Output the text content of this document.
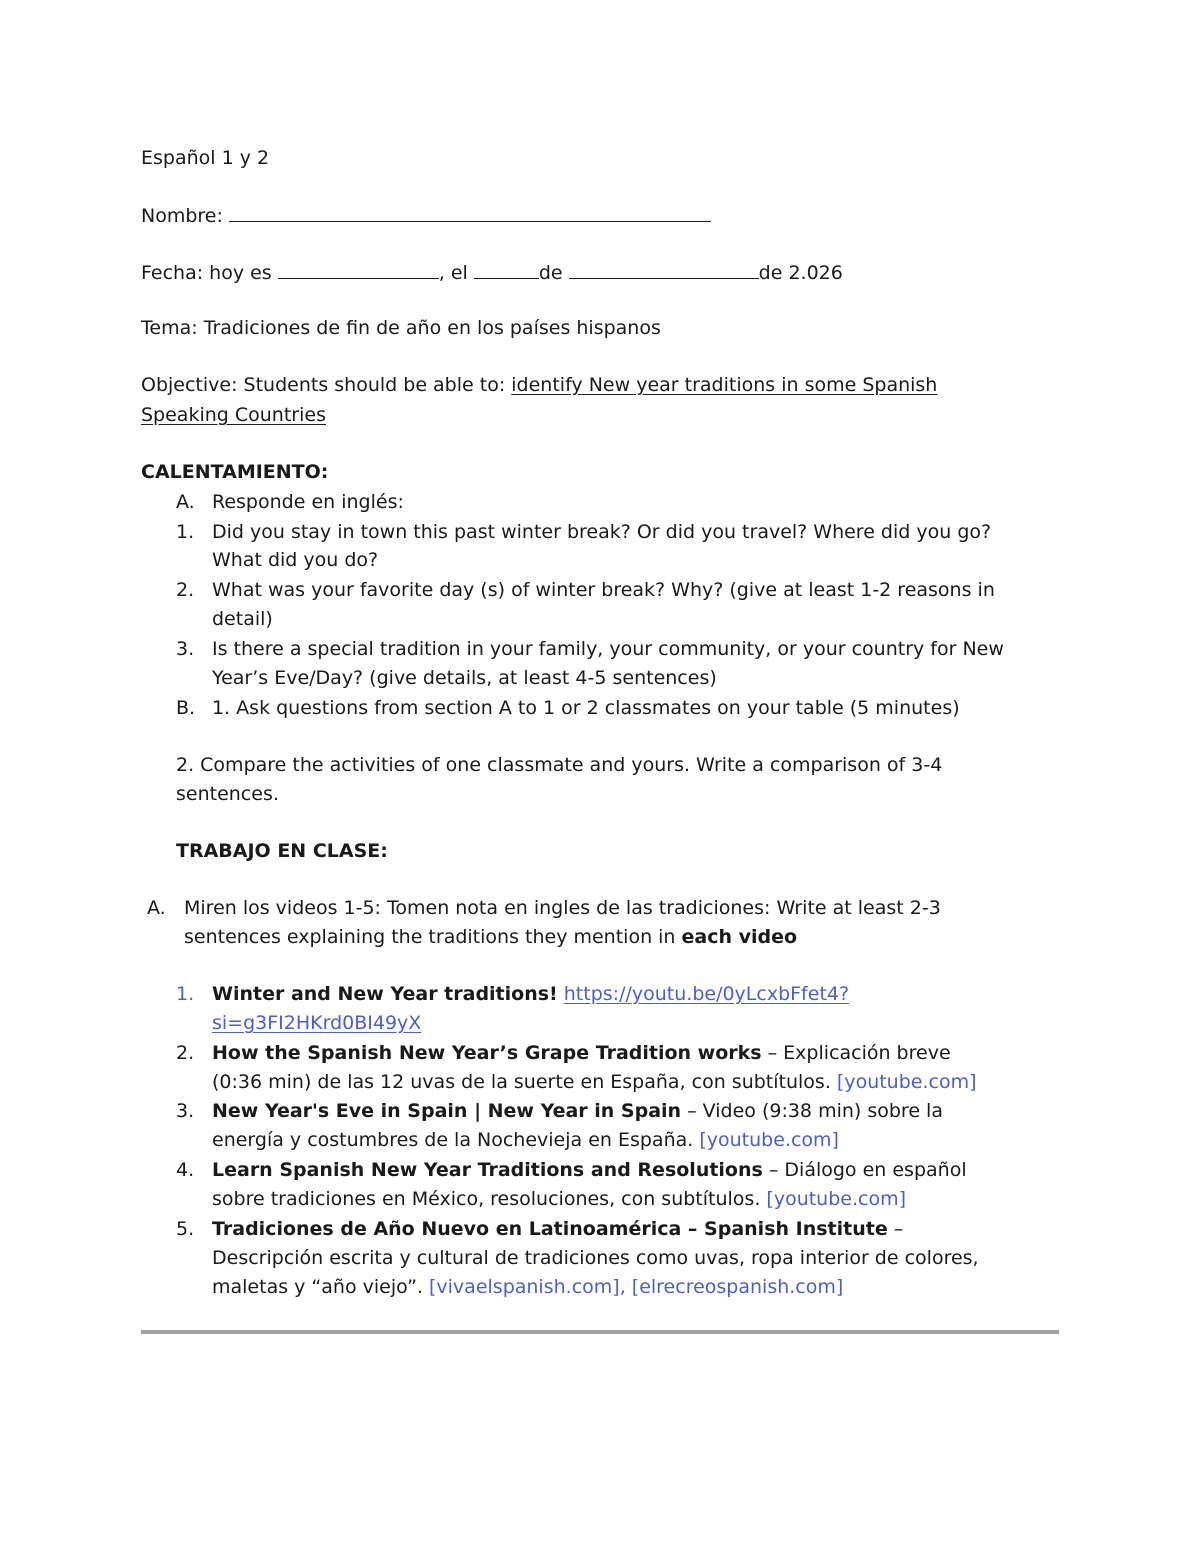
Español 1 y 2
Nombre:
Fecha: hoy es	, el	de	de 2.026
Tema: Tradiciones de fin de año en los países hispanos
Objective: Students should be able to: identify New year traditions in some Spanish
Speaking Countries
CALENTAMIENTO:
A. Responde en inglés:
1. Did you stay in town this past winter break? Or did you travel? Where did you go?
What did you do?
2. What was your favorite day (s) of winter break? Why? (give at least 1-2 reasons in
detail)
3. Is there a special tradition in your family, your community, or your country for New
Year’s Eve/Day? (give details, at least 4-5 sentences)
B. 1. Ask questions from section A to 1 or 2 classmates on your table (5 minutes)
2. Compare the activities of one classmate and yours. Write a comparison of 3-4
sentences.
TRABAJO EN CLASE:
A. Miren los videos 1-5: Tomen nota en ingles de las tradiciones: Write at least 2-3
sentences explaining the traditions they mention in each video
1. Winter and New Year traditions! https://youtu.be/0yLcxbFfet4?
si=g3FI2HKrd0BI49yX
2. How the Spanish New Year’s Grape Tradition works – Explicación breve
(0:36 min) de las 12 uvas de la suerte en España, con subtítulos. [youtube.com]
3. New Year's Eve in Spain | New Year in Spain – Video (9:38 min) sobre la
energía y costumbres de la Nochevieja en España. [youtube.com]
4. Learn Spanish New Year Traditions and Resolutions – Diálogo en español
sobre tradiciones en México, resoluciones, con subtítulos. [youtube.com]
5. Tradiciones de Año Nuevo en Latinoamérica – Spanish Institute –
Descripción escrita y cultural de tradiciones como uvas, ropa interior de colores,
maletas y “año viejo”. [vivaelspanish.com], [elrecreospanish.com]
